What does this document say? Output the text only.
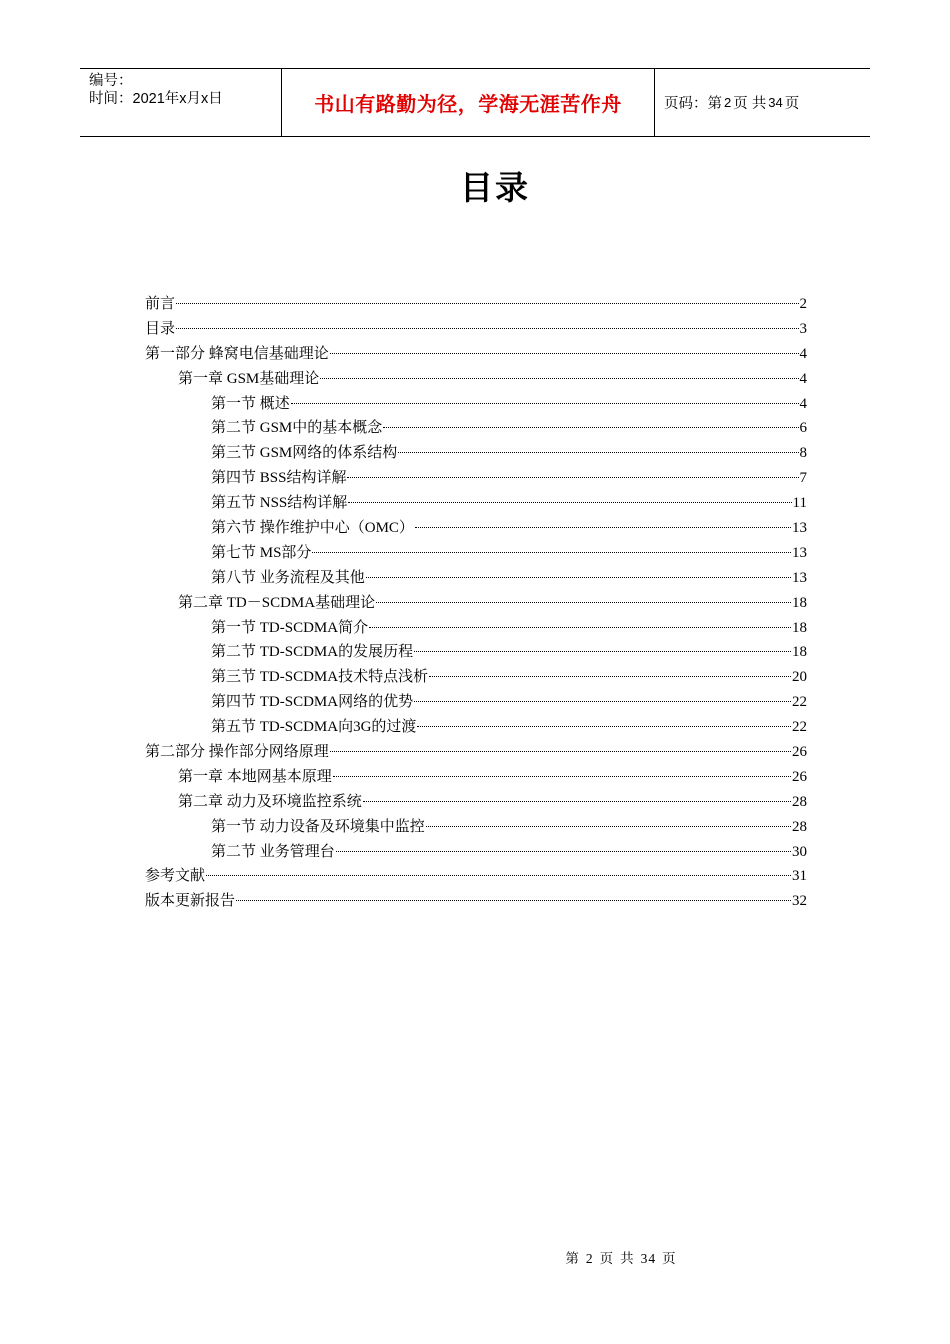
编号：
时间：2021年x月x日	书山有路勤为径，学海无涯苦作舟	页码：第 2 页 共 34 页
目录
前言	2
目录	3
第一部分 蜂窝电信基础理论	4
第一章 GSM基础理论	4
第一节 概述	4
第二节 GSM中的基本概念	6
第三节 GSM网络的体系结构	8
第四节 BSS结构详解	7
第五节 NSS结构详解	11
第六节 操作维护中心（OMC）	13
第七节 MS部分	13
第八节 业务流程及其他	13
第二章 TD－SCDMA基础理论	18
第一节 TD-SCDMA简介	18
第二节 TD-SCDMA的发展历程	18
第三节 TD-SCDMA技术特点浅析	20
第四节 TD-SCDMA网络的优势	22
第五节 TD-SCDMA向3G的过渡	22
第二部分 操作部分网络原理	26
第一章 本地网基本原理	26
第二章 动力及环境监控系统	28
第一节 动力设备及环境集中监控	28
第二节 业务管理台	30
参考文献	31
版本更新报告	32
第 2 页 共 34 页
